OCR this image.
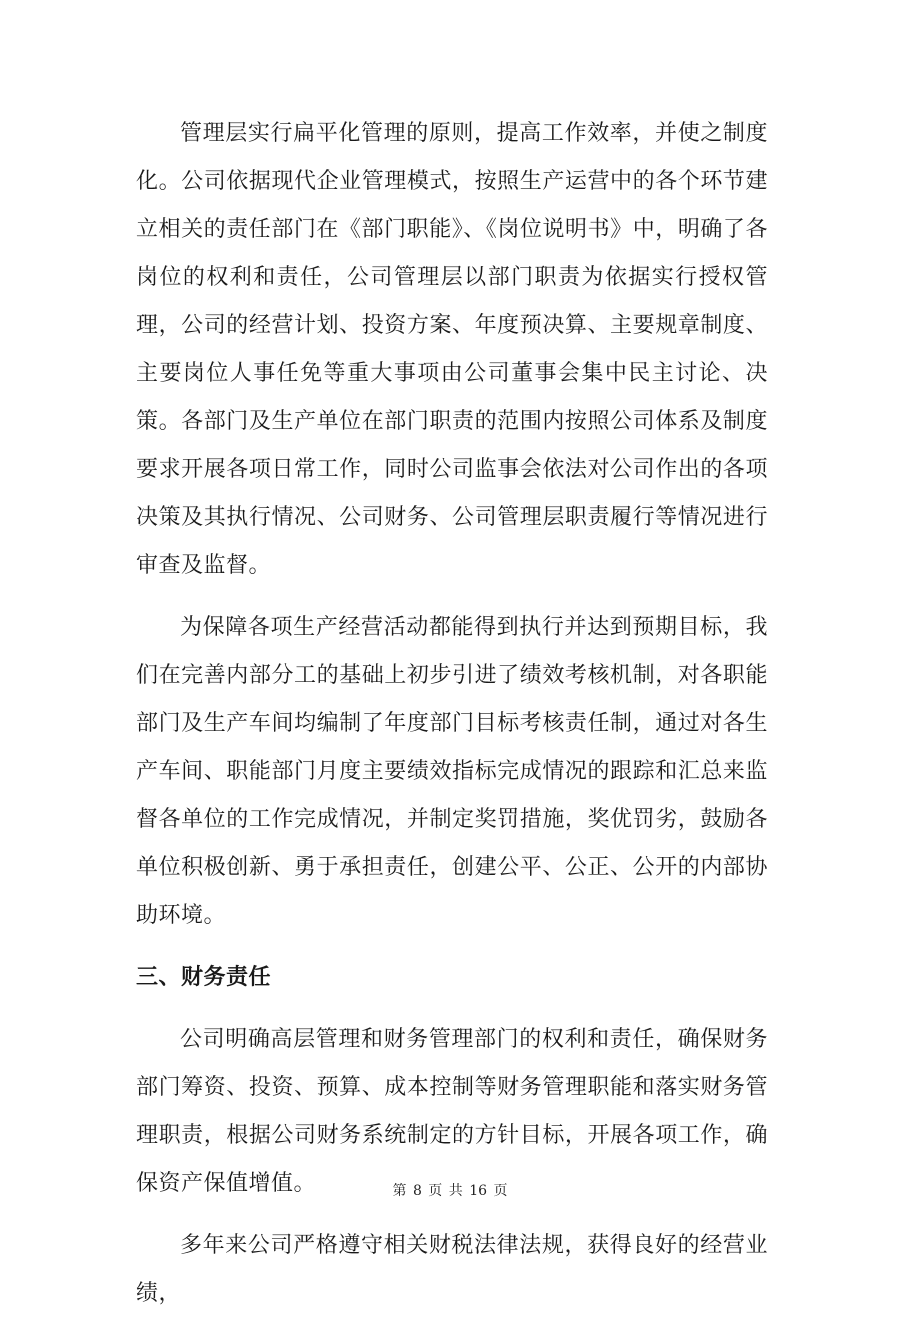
管理层实行扁平化管理的原则，提高工作效率，并使之制度化。公司依据现代企业管理模式，按照生产运营中的各个环节建立相关的责任部门在《部门职能》、《岗位说明书》中，明确了各岗位的权利和责任，公司管理层以部门职责为依据实行授权管理，公司的经营计划、投资方案、年度预决算、主要规章制度、主要岗位人事任免等重大事项由公司董事会集中民主讨论、决策。各部门及生产单位在部门职责的范围内按照公司体系及制度要求开展各项日常工作，同时公司监事会依法对公司作出的各项决策及其执行情况、公司财务、公司管理层职责履行等情况进行审查及监督。

为保障各项生产经营活动都能得到执行并达到预期目标，我们在完善内部分工的基础上初步引进了绩效考核机制，对各职能部门及生产车间均编制了年度部门目标考核责任制，通过对各生产车间、职能部门月度主要绩效指标完成情况的跟踪和汇总来监督各单位的工作完成情况，并制定奖罚措施，奖优罚劣，鼓励各单位积极创新、勇于承担责任，创建公平、公正、公开的内部协助环境。

三、财务责任

公司明确高层管理和财务管理部门的权利和责任，确保财务部门筹资、投资、预算、成本控制等财务管理职能和落实财务管理职责，根据公司财务系统制定的方针目标，开展各项工作，确保资产保值增值。

多年来公司严格遵守相关财税法律法规，获得良好的经营业绩，

第 8 页 共 16 页
